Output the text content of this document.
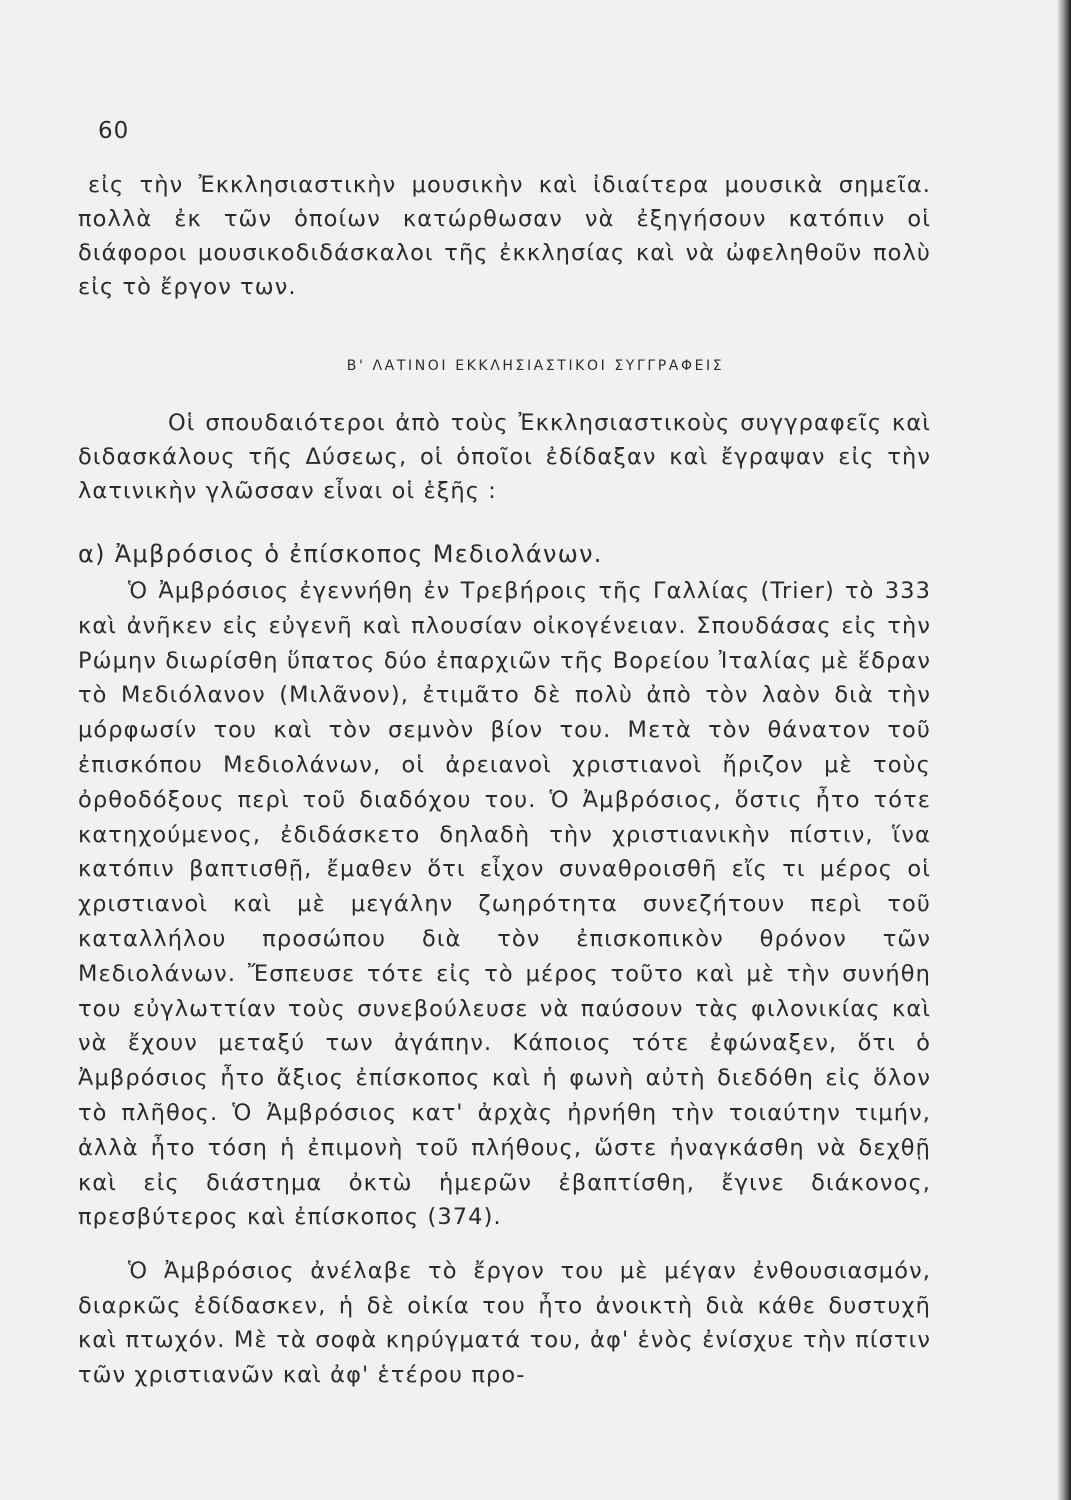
60

εἰς τὴν Ἐκκλησιαστικὴν μουσικὴν καὶ ἰδιαίτερα μουσικὰ σημεῖα. πολλὰ ἐκ τῶν ὁποίων κατώρθωσαν νὰ ἐξηγήσουν κατόπιν οἱ διάφοροι μουσικοδιδάσκαλοι τῆς ἐκκλησίας καὶ νὰ ὠφεληθοῦν πολὺ εἰς τὸ ἔργον των.

Β' ΛΑΤΙΝΟΙ ΕΚΚΛΗΣΙΑΣΤΙΚΟΙ ΣΥΓΓΡΑΦΕΙΣ

Οἱ σπουδαιότεροι ἀπὸ τοὺς Ἐκκλησιαστικοὺς συγγραφεῖς καὶ διδασκάλους τῆς Δύσεως, οἱ ὁποῖοι ἐδίδαξαν καὶ ἔγραψαν εἰς τὴν λατινικὴν γλῶσσαν εἶναι οἱ ἑξῆς :

α) Ἀμβρόσιος ὁ ἐπίσκοπος Μεδιολάνων.

Ὁ Ἀμβρόσιος ἐγεννήθη ἐν Τρεβήροις τῆς Γαλλίας (Trier) τὸ 333 καὶ ἀνῆκεν εἰς εὐγενῆ καὶ πλουσίαν οἰκογένειαν. Σπουδάσας εἰς τὴν Ρώμην διωρίσθη ὕπατος δύο ἐπαρχιῶν τῆς Βορείου Ἰταλίας μὲ ἕδραν τὸ Μεδιόλανον (Μιλᾶνον), ἐτιμᾶτο δὲ πολὺ ἀπὸ τὸν λαὸν διὰ τὴν μόρφωσίν του καὶ τὸν σεμνὸν βίον του. Μετὰ τὸν θάνατον τοῦ ἐπισκόπου Μεδιολάνων, οἱ ἀρειανοὶ χριστιανοὶ ἤριζον μὲ τοὺς ὀρθοδόξους περὶ τοῦ διαδόχου του. Ὁ Ἀμβρόσιος, ὅστις ἦτο τότε κατηχούμενος, ἐδιδάσκετο δηλαδὴ τὴν χριστιανικὴν πίστιν, ἵνα κατόπιν βαπτισθῇ, ἔμαθεν ὅτι εἶχον συναθροισθῆ εἴς τι μέρος οἱ χριστιανοὶ καὶ μὲ μεγάλην ζωηρότητα συνεζήτουν περὶ τοῦ καταλλήλου προσώπου διὰ τὸν ἐπισκοπικὸν θρόνον τῶν Μεδιολάνων. Ἔσπευσε τότε εἰς τὸ μέρος τοῦτο καὶ μὲ τὴν συνήθη του εὐγλωττίαν τοὺς συνεβούλευσε νὰ παύσουν τὰς φιλονικίας καὶ νὰ ἔχουν μεταξύ των ἀγάπην. Κάποιος τότε ἐφώναξεν, ὅτι ὁ Ἀμβρόσιος ἦτο ἄξιος ἐπίσκοπος καὶ ἡ φωνὴ αὐτὴ διεδόθη εἰς ὅλον τὸ πλῆθος. Ὁ Ἀμβρόσιος κατ' ἀρχὰς ἠρνήθη τὴν τοιαύτην τιμήν, ἀλλὰ ἦτο τόση ἡ ἐπιμονὴ τοῦ πλήθους, ὥστε ἠναγκάσθη νὰ δεχθῇ καὶ εἰς διάστημα ὀκτὼ ἡμερῶν ἐβαπτίσθη, ἔγινε διάκονος, πρεσβύτερος καὶ ἐπίσκοπος (374).

Ὁ Ἀμβρόσιος ἀνέλαβε τὸ ἔργον του μὲ μέγαν ἐνθουσιασμόν, διαρκῶς ἐδίδασκεν, ἡ δὲ οἰκία του ἦτο ἀνοικτὴ διὰ κάθε δυστυχῆ καὶ πτωχόν. Μὲ τὰ σοφὰ κηρύγματά του, ἀφ' ἑνὸς ἐνίσχυε τὴν πίστιν τῶν χριστιανῶν καὶ ἀφ' ἑτέρου προ-
